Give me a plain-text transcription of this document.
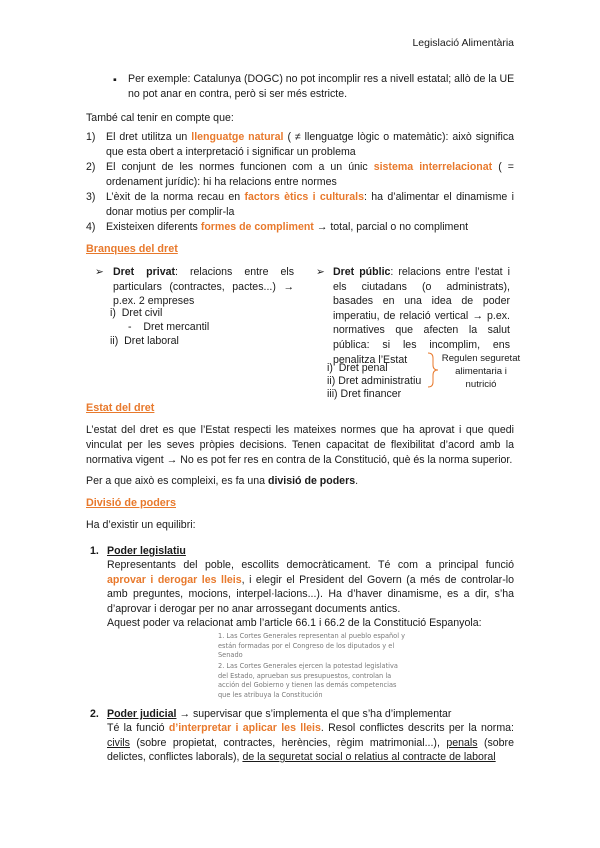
Legislació Alimentària
▪ Per exemple: Catalunya (DOGC) no pot incomplir res a nivell estatal; allò de la UE no pot anar en contra, però si ser més estricte.
També cal tenir en compte que:
1) El dret utilitza un llenguatge natural ( ≠ llenguatge lògic o matemàtic): això significa que esta obert a interpretació i significar un problema
2) El conjunt de les normes funcionen com a un únic sistema interrelacionat ( = ordenament jurídic): hi ha relacions entre normes
3) L’èxit de la norma recau en factors ètics i culturals: ha d’alimentar el dinamisme i donar motius per complir-la
4) Existeixen diferents formes de compliment → total, parcial o no compliment
Branques del dret
➢ Dret privat: relacions entre els particulars (contractes, pactes...) → p.ex. 2 empreses
i) Dret civil
- Dret mercantil
ii) Dret laboral
➢ Dret públic: relacions entre l’estat i els ciutadans (o administrats), basades en una idea de poder imperatiu, de relació vertical → p.ex. normatives que afecten la salut pública: si les incomplim, ens penalitza l’Estat
i) Dret penal
ii) Dret administratiu
iii) Dret financer
Regulen seguretat alimentaria i nutrició
Estat del dret
L’estat del dret es que l’Estat respecti les mateixes normes que ha aprovat i que quedi vinculat per les seves pròpies decisions. Tenen capacitat de flexibilitat d’acord amb la normativa vigent → No es pot fer res en contra de la Constitució, què és la norma superior.
Per a que això es compleixi, es fa una divisió de poders.
Divisió de poders
Ha d’existir un equilibri:
1. Poder legislatiu
Representants del poble, escollits democràticament. Té com a principal funció aprovar i derogar les lleis, i elegir el President del Govern (a més de controlar-lo amb preguntes, mocions, interpel·lacions...). Ha d’haver dinamisme, es a dir, s’ha d’aprovar i derogar per no anar arrossegant documents antics.
Aquest poder va relacionat amb l’article 66.1 i 66.2 de la Constitució Espanyola:
1. Las Cortes Generales representan al pueblo español y están formadas por el Congreso de los diputados y el Senado
2. Las Cortes Generales ejercen la potestad legislativa del Estado, aprueban sus presupuestos, controlan la acción del Gobierno y tienen las demás competencias que les atribuya la Constitución
2. Poder judicial → supervisar que s’implementa el que s’ha d’implementar
Té la funció d’interpretar i aplicar les lleis. Resol conflictes descrits per la norma: civils (sobre propietat, contractes, herències, règim matrimonial...), penals (sobre delictes, conflictes laborals), de la seguretat social o relatius al contracte de laboral
